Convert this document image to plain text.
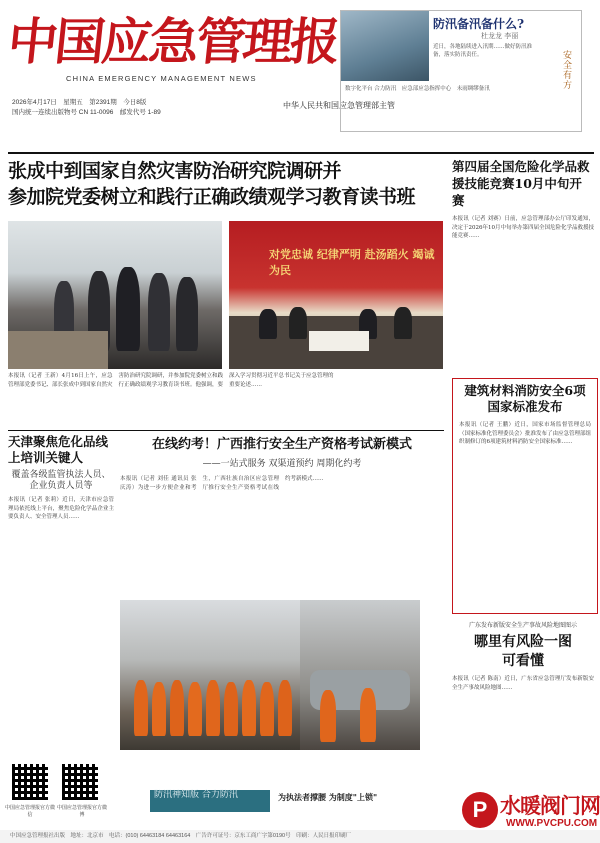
中国应急管理报
CHINA EMERGENCY MANAGEMENT NEWS
2026年4月17日　星期五　第2391期　今日8版
国内统一连续出版物号 CN 11-0096　邮发代号 1-89
中华人民共和国应急管理部主管
防汛备汛备什么?
杜龙龙 李丽
近日，各地陆续进入汛期……做好防汛准备，落实防汛责任。	安全有方
数字化平台 合力防汛　应急部应急指挥中心　未雨绸缪备汛
张成中到国家自然灾害防治研究院调研并
参加院党委树立和践行正确政绩观学习教育读书班
对党忠诚 纪律严明 赴汤蹈火 竭诚为民
本报讯（记者 王新）4月16日上午，应急管理部党委书记、部长张成中到国家自然灾害防治研究院调研，并参加院党委树立和践行正确政绩观学习教育读书班。他强调，要深入学习贯彻习近平总书记关于应急管理的重要论述……
第四届全国危险化学品救援技能竞赛10月中旬开赛
本报讯（记者 刘赛）日前，应急管理部办公厅印发通知，决定于2026年10月中旬举办第四届全国危险化学品救援技能竞赛……
建筑材料消防安全6项国家标准发布
本报讯（记者 王鹏）近日，国家市场监督管理总局（国家标准化管理委员会）批准发布了由应急管理部组织制修订的6项建筑材料消防安全国家标准……
天津聚焦危化品线上培训关键人
覆盖各级监管执法人员、企业负责人员等
本报讯（记者 张莉）近日，天津市应急管理局依托线上平台，聚焦危险化学品企业主要负责人、安全管理人员……
在线约考！广西推行安全生产资格考试新模式
——一站式服务 双渠道预约 周期化约考
本报讯（记者 刘佳 通讯员 张庆涛）为进一步方便企业和考生，广西壮族自治区应急管理厅推行安全生产资格考试在线约考新模式……
广东发布新版安全生产事故风险地图图示
哪里有风险一图可看懂
本报讯（记者 陈南）近日，广东省应急管理厅发布新版安全生产事故风险地图……
中国应急管理报官方微信
中国应急管理报官方微博
防汛神知版 合力防汛	为执法者撑腰 为制度"上锁"
中国应急管理报社出版　地址：北京市　电话：(010) 64463184 64463164　广告许可证号：京东工商广字第0190号　印刷：人民日报印刷厂
P 水暖阀门网
WWW.PVCPU.COM
